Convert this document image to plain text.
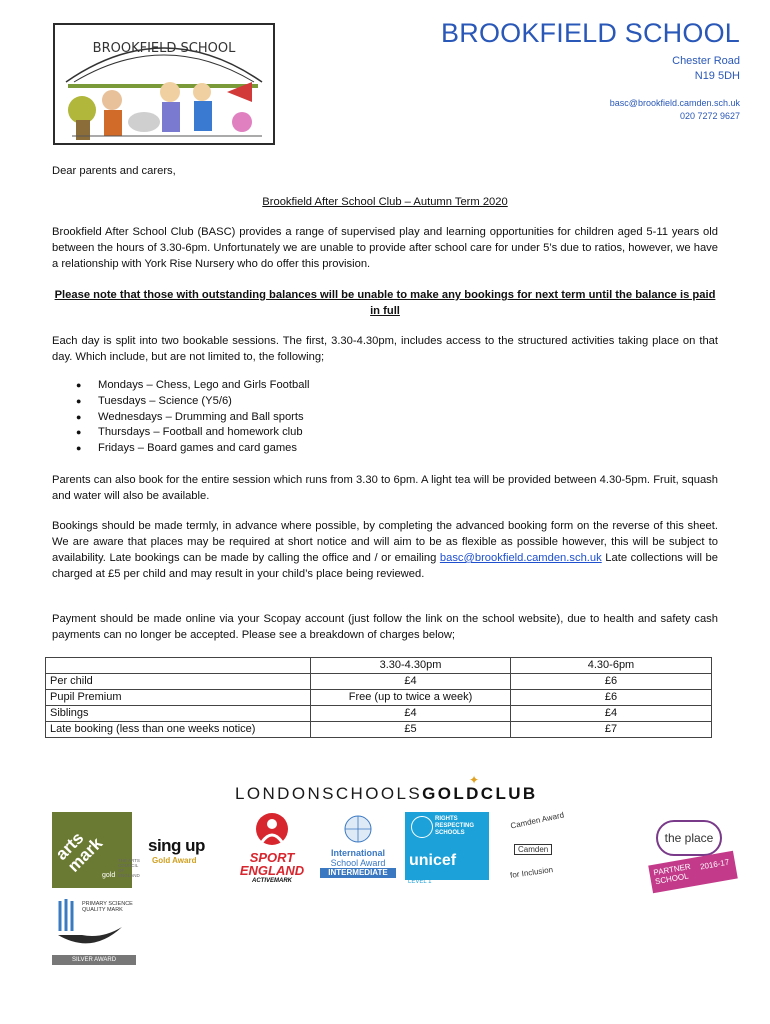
BROOKFIELD SCHOOL
BROOKFIELD SCHOOL
Chester Road
N19 5DH
basc@brookfield.camden.sch.uk
020 7272 9627
Dear parents and carers,
Brookfield After School Club – Autumn Term 2020
Brookfield After School Club (BASC) provides a range of supervised play and learning opportunities for children aged 5-11 years old between the hours of 3.30-6pm. Unfortunately we are unable to provide after school care for under 5’s due to ratios, however, we have a relationship with York Rise Nursery who do offer this provision.
Please note that those with outstanding balances will be unable to make any bookings for next term until the balance is paid in full
Each day is split into two bookable sessions. The first, 3.30-4.30pm, includes access to the structured activities taking place on that day. Which include, but are not limited to, the following;
● Mondays – Chess, Lego and Girls Football
● Tuesdays – Science (Y5/6)
● Wednesdays – Drumming and Ball sports
● Thursdays – Football and homework club
● Fridays – Board games and card games
Parents can also book for the entire session which runs from 3.30 to 6pm. A light tea will be provided between 4.30-5pm. Fruit, squash and water will also be available.
Bookings should be made termly, in advance where possible, by completing the advanced booking form on the reverse of this sheet. We are aware that places may be required at short notice and will aim to be as flexible as possible however, this will be subject to availability. Late bookings can be made by calling the office and / or emailing basc@brookfield.camden.sch.uk Late collections will be charged at £5 per child and may result in your child’s place being reviewed.
Payment should be made online via your Scopay account (just follow the link on the school website), due to health and safety cash payments can no longer be accepted. Please see a breakdown of charges below;
	3.30-4.30pm	4.30-6pm
Per child	£4	£6
Pupil Premium	Free (up to twice a week)	£6
Siblings	£4	£4
Late booking (less than one weeks notice)	£5	£7
LONDONSCHOOLSGOLDCLUB
✦
arts mark
gold
THE ARTS COUNCIL OF ENGLAND
sing up
Gold Award	SPORT
ENGLAND
ACTIVEMARK
International
School Award
INTERMEDIATE
RIGHTS
RESPECTING
SCHOOLS
unicef
LEVEL 1
Camden Award
Camden
for Inclusion
the place
PARTNER SCHOOL
2016-17
PRIMARY SCIENCE QUALITY MARK
SILVER AWARD
